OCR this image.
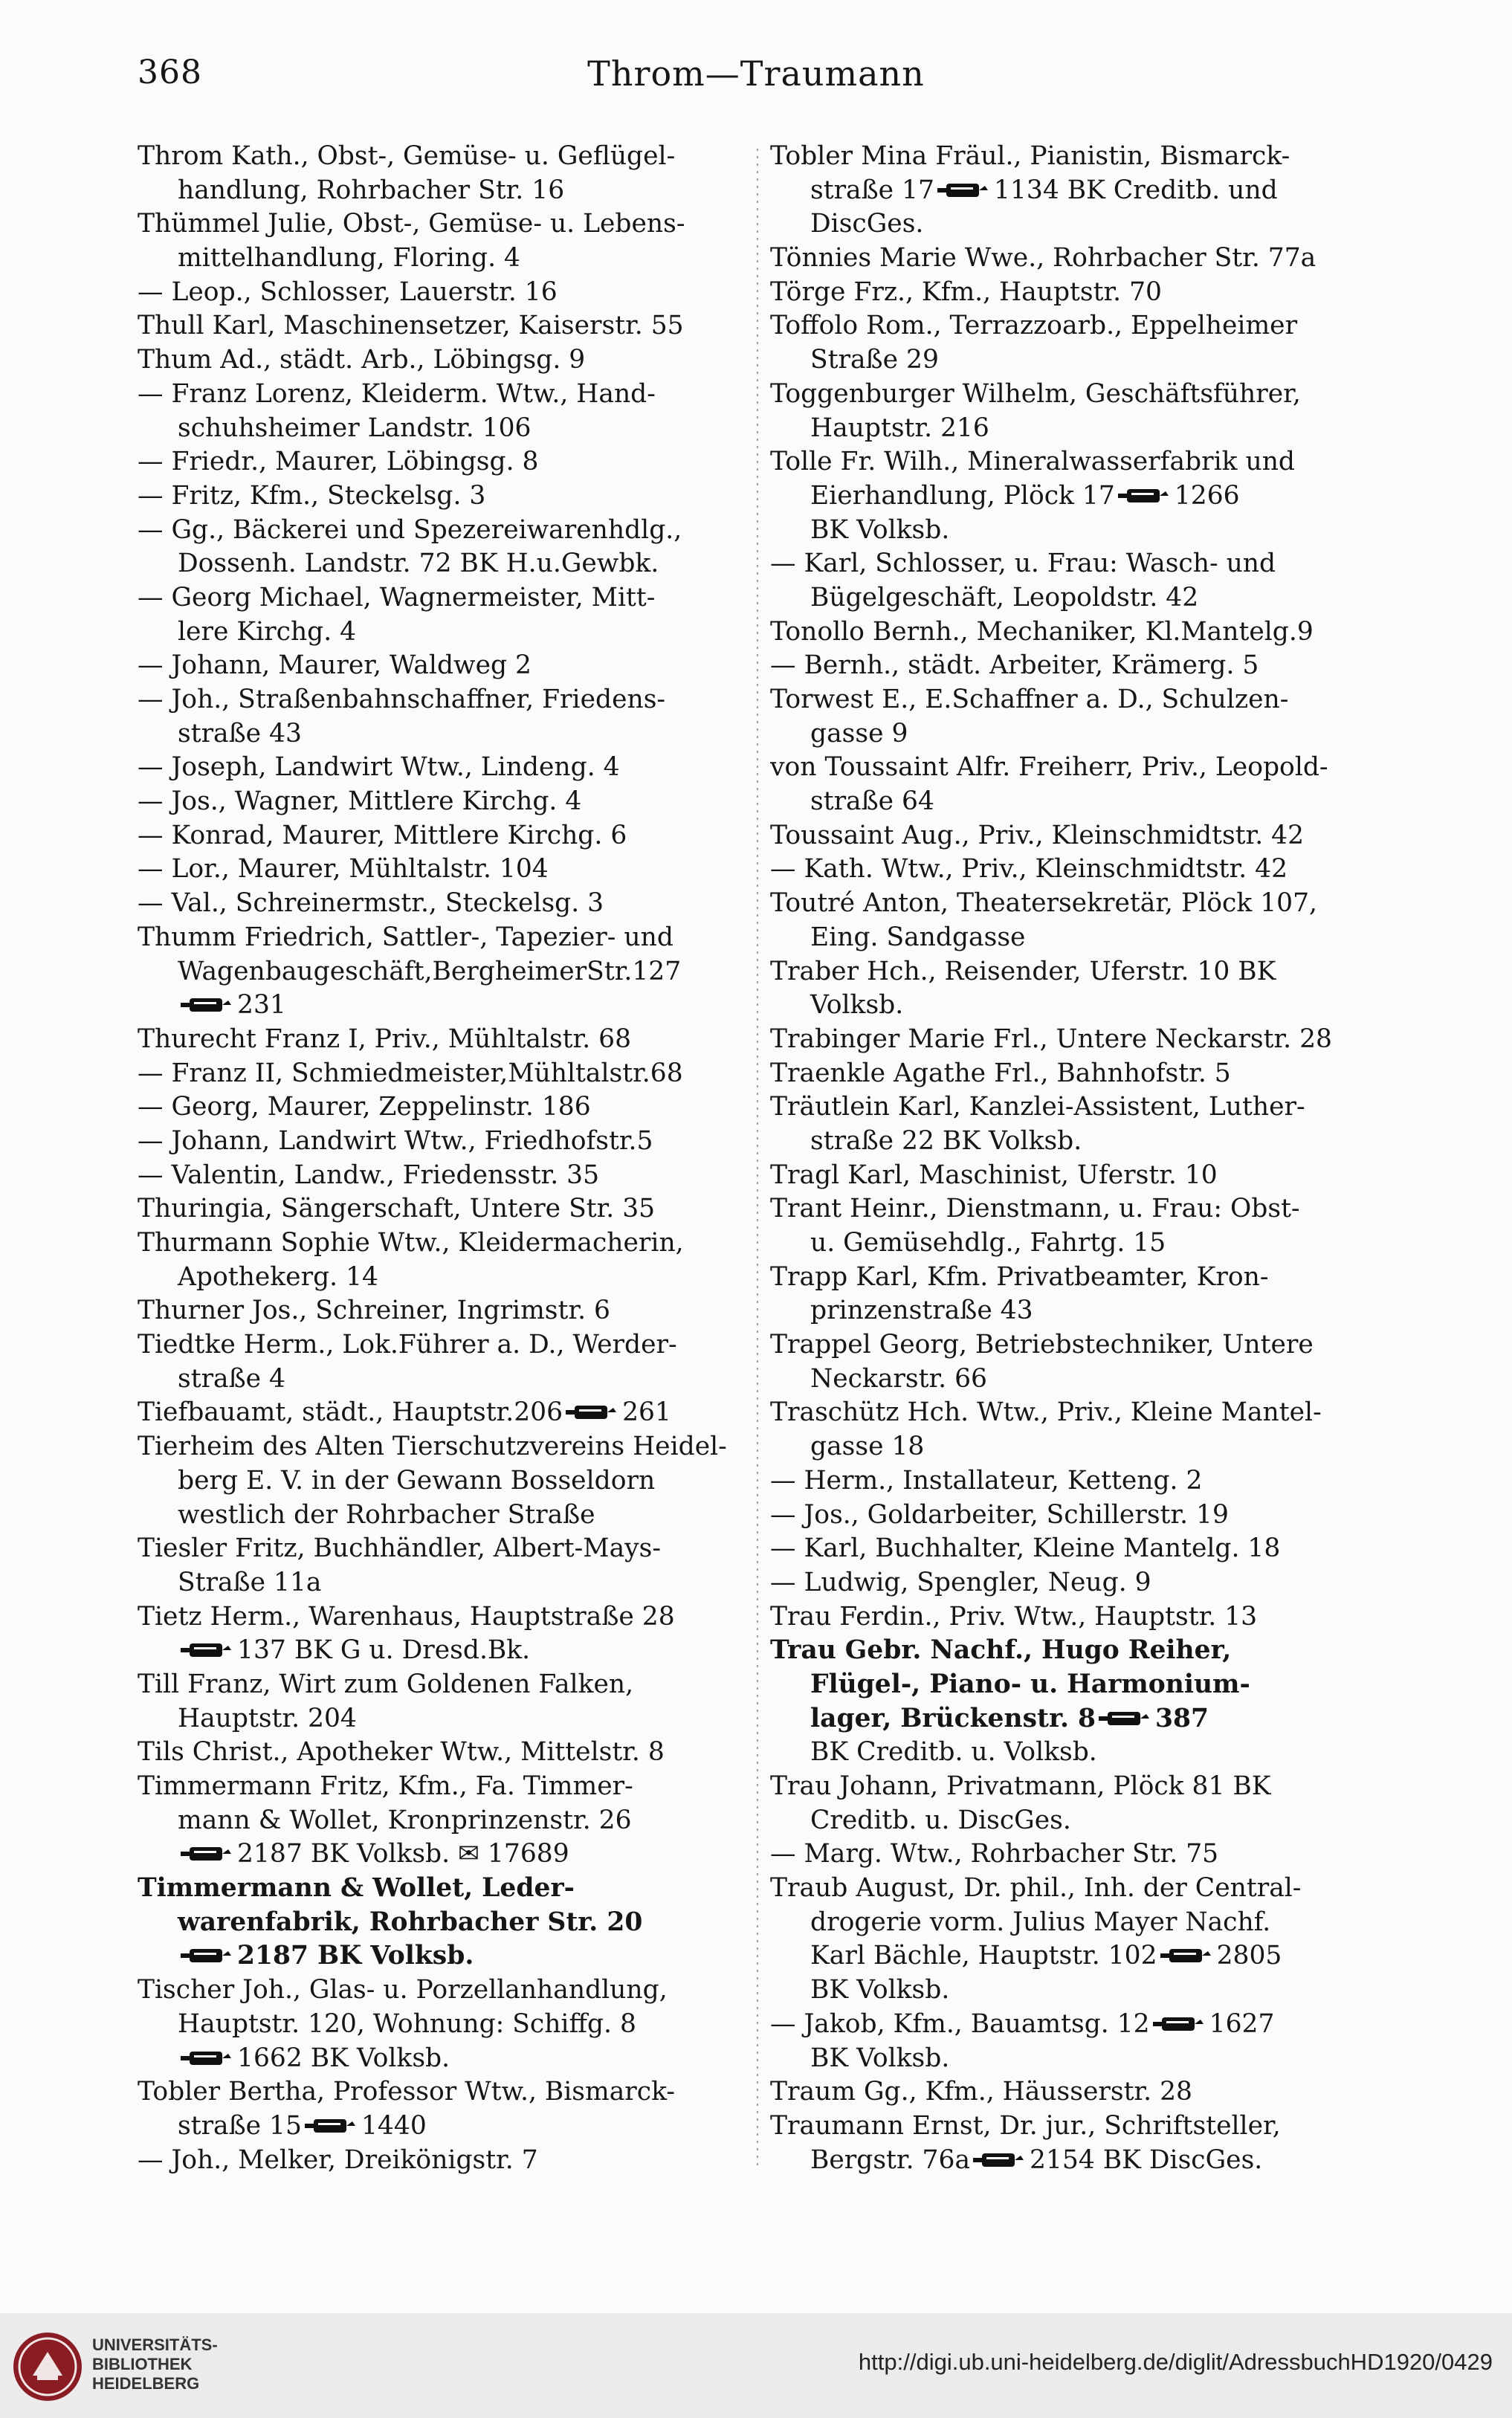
368	Throm—Traumann
Throm Kath., Obst-, Gemüse- u. Geflügel-
handlung, Rohrbacher Str. 16
Thümmel Julie, Obst-, Gemüse- u. Lebens-
mittelhandlung, Floring. 4
— Leop., Schlosser, Lauerstr. 16
Thull Karl, Maschinensetzer, Kaiserstr. 55
Thum Ad., städt. Arb., Löbingsg. 9
— Franz Lorenz, Kleiderm. Wtw., Hand-
schuhsheimer Landstr. 106
— Friedr., Maurer, Löbingsg. 8
— Fritz, Kfm., Steckelsg. 3
— Gg., Bäckerei und Spezereiwarenhdlg.,
Dossenh. Landstr. 72 BK H.u.Gewbk.
— Georg Michael, Wagnermeister, Mitt-
lere Kirchg. 4
— Johann, Maurer, Waldweg 2
— Joh., Straßenbahnschaffner, Friedens-
straße 43
— Joseph, Landwirt Wtw., Lindeng. 4
— Jos., Wagner, Mittlere Kirchg. 4
— Konrad, Maurer, Mittlere Kirchg. 6
— Lor., Maurer, Mühltalstr. 104
— Val., Schreinermstr., Steckelsg. 3
Thumm Friedrich, Sattler-, Tapezier- und
Wagenbaugeschäft,BergheimerStr.127
231
Thurecht Franz I, Priv., Mühltalstr. 68
— Franz II, Schmiedmeister,Mühltalstr.68
— Georg, Maurer, Zeppelinstr. 186
— Johann, Landwirt Wtw., Friedhofstr.5
— Valentin, Landw., Friedensstr. 35
Thuringia, Sängerschaft, Untere Str. 35
Thurmann Sophie Wtw., Kleidermacherin,
Apothekerg. 14
Thurner Jos., Schreiner, Ingrimstr. 6
Tiedtke Herm., Lok.Führer a. D., Werder-
straße 4
Tiefbauamt, städt., Hauptstr.206 261
Tierheim des Alten Tierschutzvereins Heidel-
berg E. V. in der Gewann Bosseldorn
westlich der Rohrbacher Straße
Tiesler Fritz, Buchhändler, Albert-Mays-
Straße 11a
Tietz Herm., Warenhaus, Hauptstraße 28
137 BK G u. Dresd.Bk.
Till Franz, Wirt zum Goldenen Falken,
Hauptstr. 204
Tils Christ., Apotheker Wtw., Mittelstr. 8
Timmermann Fritz, Kfm., Fa. Timmer-
mann & Wollet, Kronprinzenstr. 26
2187 BK Volksb. ✉ 17689
Timmermann & Wollet, Leder-
warenfabrik, Rohrbacher Str. 20
2187 BK Volksb.
Tischer Joh., Glas- u. Porzellanhandlung,
Hauptstr. 120, Wohnung: Schiffg. 8
1662 BK Volksb.
Tobler Bertha, Professor Wtw., Bismarck-
straße 15 1440
— Joh., Melker, Dreikönigstr. 7
Tobler Mina Fräul., Pianistin, Bismarck-
straße 17 1134 BK Creditb. und
DiscGes.
Tönnies Marie Wwe., Rohrbacher Str. 77a
Törge Frz., Kfm., Hauptstr. 70
Toffolo Rom., Terrazzoarb., Eppelheimer
Straße 29
Toggenburger Wilhelm, Geschäftsführer,
Hauptstr. 216
Tolle Fr. Wilh., Mineralwasserfabrik und
Eierhandlung, Plöck 17 1266
BK Volksb.
— Karl, Schlosser, u. Frau: Wasch- und
Bügelgeschäft, Leopoldstr. 42
Tonollo Bernh., Mechaniker, Kl.Mantelg.9
— Bernh., städt. Arbeiter, Krämerg. 5
Torwest E., E.Schaffner a. D., Schulzen-
gasse 9
von Toussaint Alfr. Freiherr, Priv., Leopold-
straße 64
Toussaint Aug., Priv., Kleinschmidtstr. 42
— Kath. Wtw., Priv., Kleinschmidtstr. 42
Toutré Anton, Theatersekretär, Plöck 107,
Eing. Sandgasse
Traber Hch., Reisender, Uferstr. 10 BK
Volksb.
Trabinger Marie Frl., Untere Neckarstr. 28
Traenkle Agathe Frl., Bahnhofstr. 5
Träutlein Karl, Kanzlei-Assistent, Luther-
straße 22 BK Volksb.
Tragl Karl, Maschinist, Uferstr. 10
Trant Heinr., Dienstmann, u. Frau: Obst-
u. Gemüsehdlg., Fahrtg. 15
Trapp Karl, Kfm. Privatbeamter, Kron-
prinzenstraße 43
Trappel Georg, Betriebstechniker, Untere
Neckarstr. 66
Traschütz Hch. Wtw., Priv., Kleine Mantel-
gasse 18
— Herm., Installateur, Ketteng. 2
— Jos., Goldarbeiter, Schillerstr. 19
— Karl, Buchhalter, Kleine Mantelg. 18
— Ludwig, Spengler, Neug. 9
Trau Ferdin., Priv. Wtw., Hauptstr. 13
Trau Gebr. Nachf., Hugo Reiher,
Flügel-, Piano- u. Harmonium-
lager, Brückenstr. 8 387
BK Creditb. u. Volksb.
Trau Johann, Privatmann, Plöck 81 BK
Creditb. u. DiscGes.
— Marg. Wtw., Rohrbacher Str. 75
Traub August, Dr. phil., Inh. der Central-
drogerie vorm. Julius Mayer Nachf.
Karl Bächle, Hauptstr. 102 2805
BK Volksb.
— Jakob, Kfm., Bauamtsg. 12 1627
BK Volksb.
Traum Gg., Kfm., Häusserstr. 28
Traumann Ernst, Dr. jur., Schriftsteller,
Bergstr. 76a 2154 BK DiscGes.
UNIVERSITÄTS-
BIBLIOTHEK
HEIDELBERG
http://digi.ub.uni-heidelberg.de/diglit/AdressbuchHD1920/0429
